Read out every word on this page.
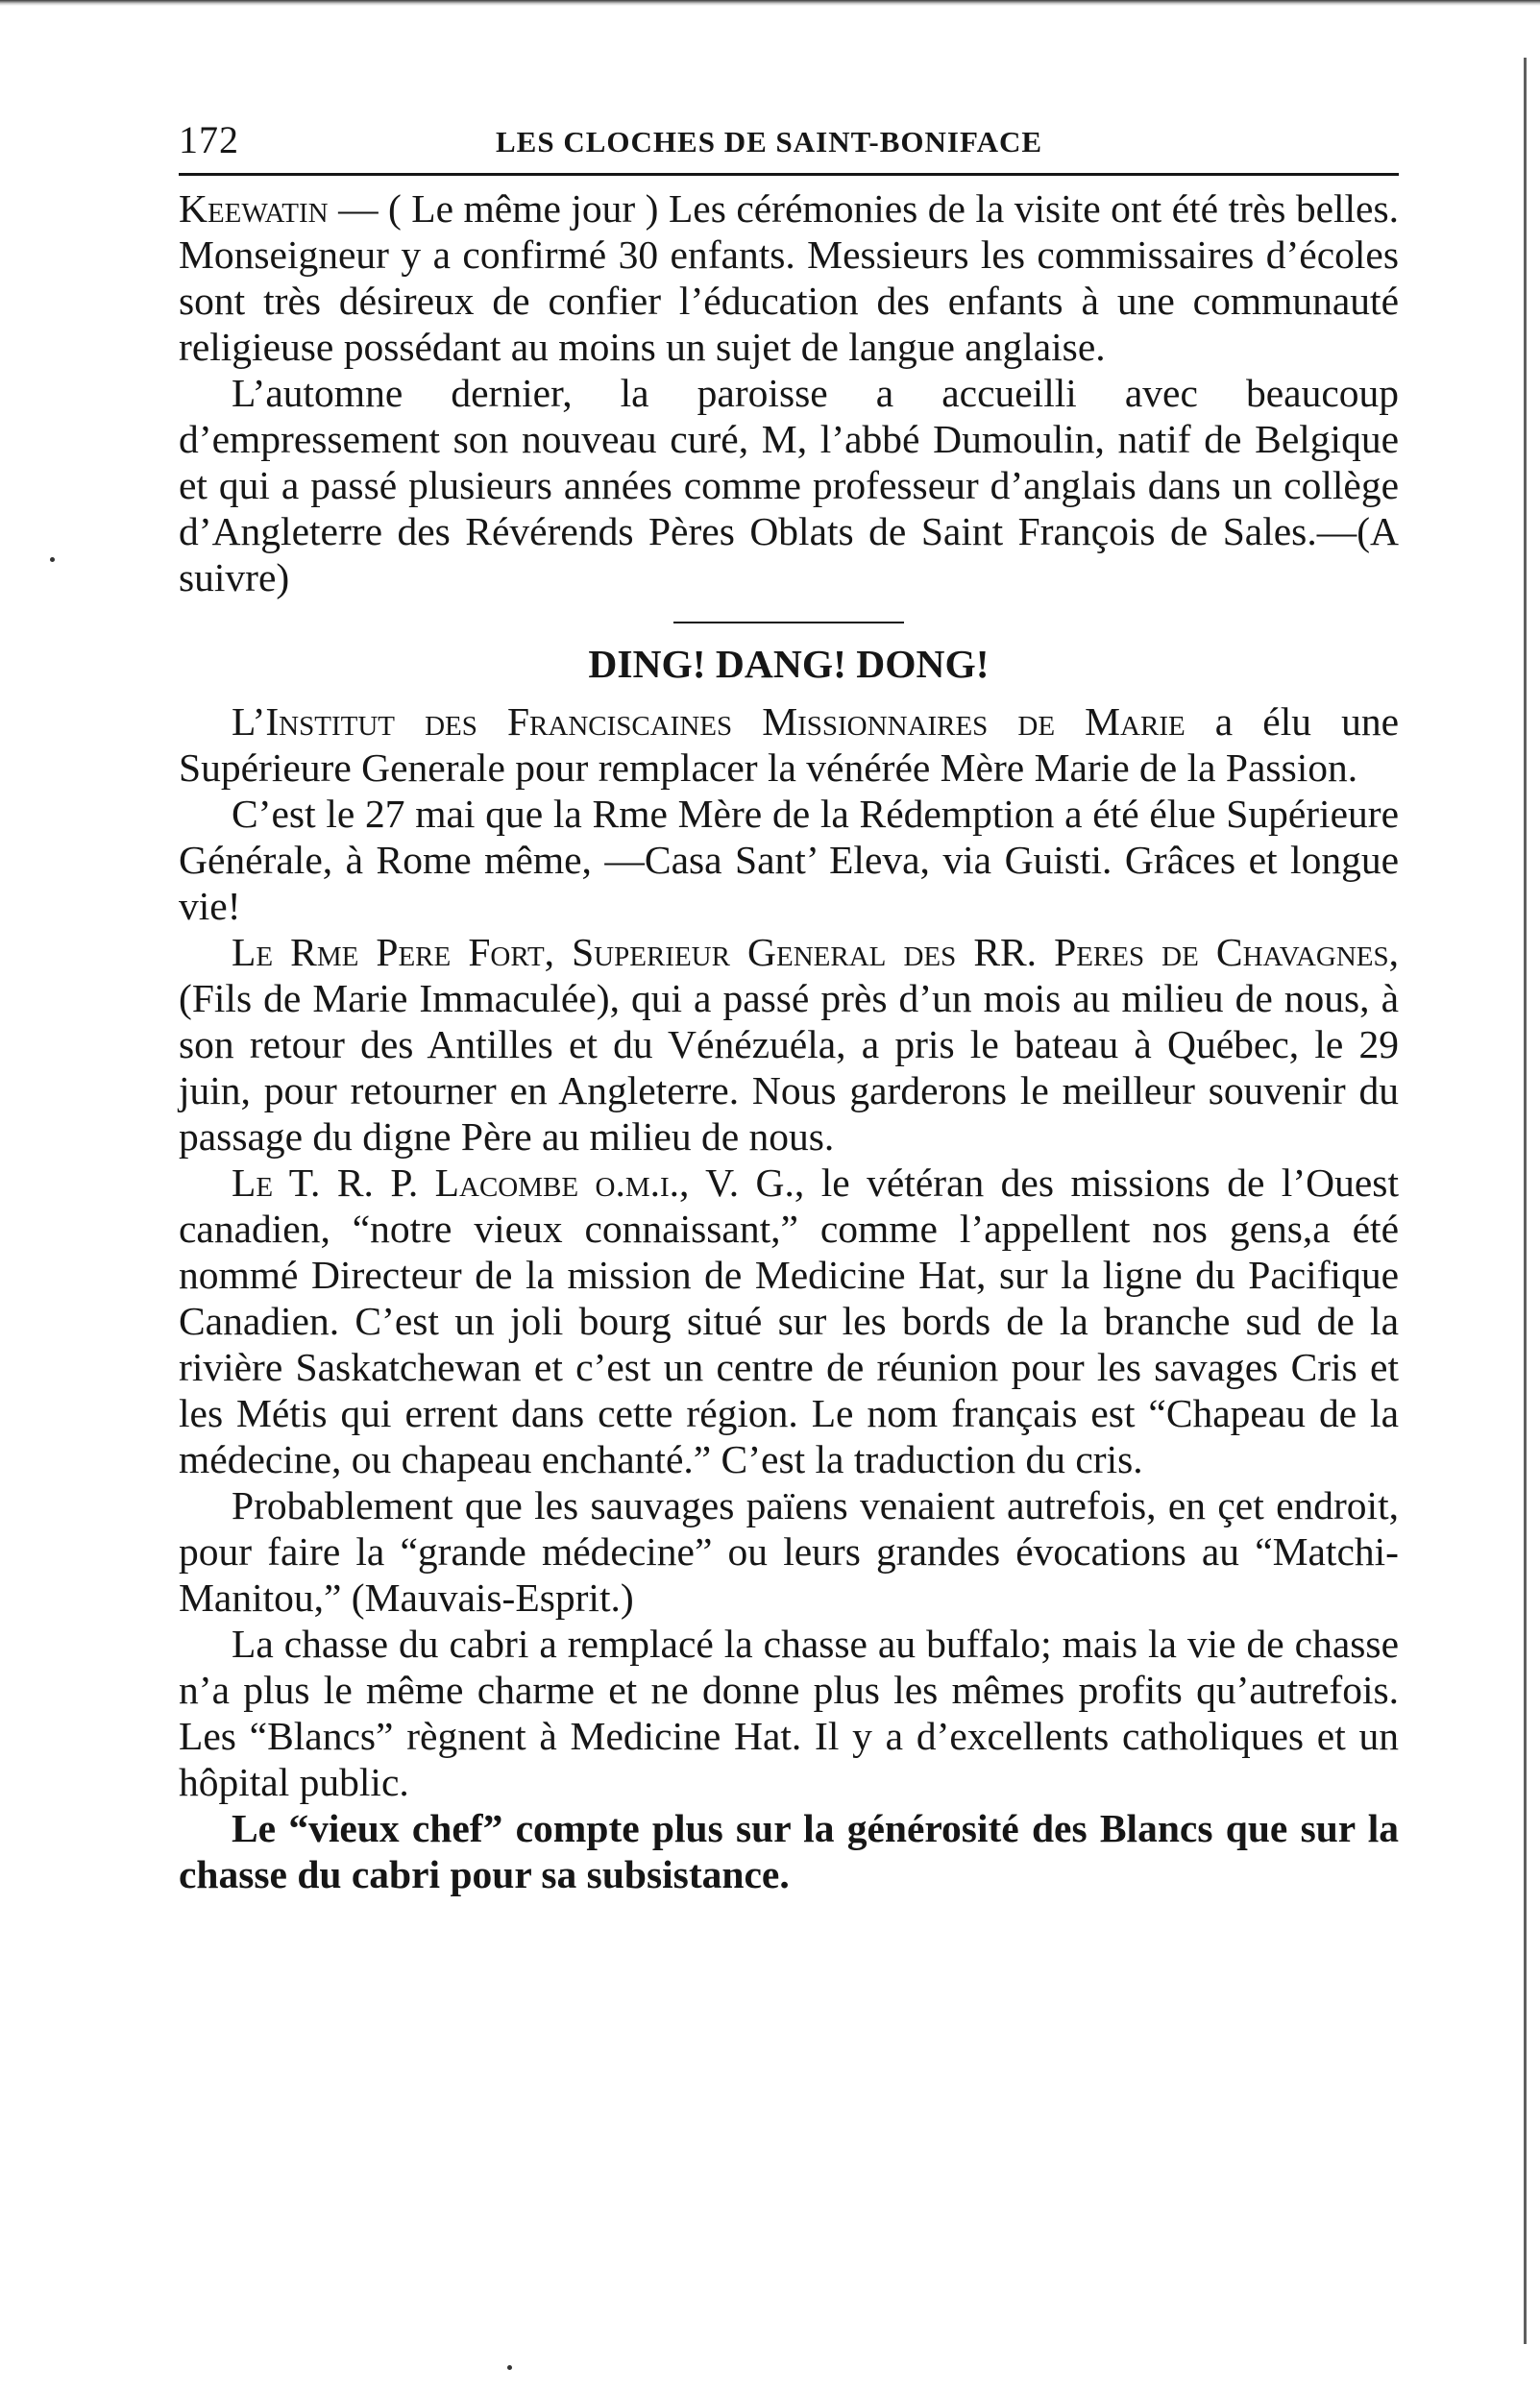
172	LES CLOCHES DE SAINT-BONIFACE

Keewatin — ( Le même jour ) Les cérémonies de la visite ont été très belles. Monseigneur y a confirmé 30 enfants. Messieurs les commissaires d’écoles sont très désireux de confier l’éducation des enfants à une communauté religieuse possédant au moins un sujet de langue anglaise.

L’automne dernier, la paroisse a accueilli avec beaucoup d’empressement son nouveau curé, M, l’abbé Dumoulin, natif de Belgique et qui a passé plusieurs années comme professeur d’anglais dans un collège d’Angleterre des Révérends Pères Oblats de Saint François de Sales.—(A suivre)

DING! DANG! DONG!

L’Institut des Franciscaines Missionnaires de Marie a élu une Supérieure Generale pour remplacer la vénérée Mère Marie de la Passion.

C’est le 27 mai que la Rme Mère de la Rédemption a été élue Supérieure Générale, à Rome même, —Casa Sant’ Eleva, via Guisti. Grâces et longue vie!

Le Rme Pere Fort, Superieur General des RR. Peres de Chavagnes, (Fils de Marie Immaculée), qui a passé près d’un mois au milieu de nous, à son retour des Antilles et du Vénézuéla, a pris le bateau à Québec, le 29 juin, pour retourner en Angleterre. Nous garderons le meilleur souvenir du passage du digne Père au milieu de nous.

Le T. R. P. Lacombe o.m.i., V. G., le vétéran des missions de l’Ouest canadien, “notre vieux connaissant,” comme l’appellent nos gens,a été nommé Directeur de la mission de Medicine Hat, sur la ligne du Pacifique Canadien. C’est un joli bourg situé sur les bords de la branche sud de la rivière Saskatchewan et c’est un centre de réunion pour les savages Cris et les Métis qui errent dans cette région. Le nom français est “Chapeau de la médecine, ou chapeau enchanté.” C’est la traduction du cris.

Probablement que les sauvages païens venaient autrefois, en çet endroit, pour faire la “grande médecine” ou leurs grandes évocations au “Matchi-Manitou,” (Mauvais-Esprit.)

La chasse du cabri a remplacé la chasse au buffalo; mais la vie de chasse n’a plus le même charme et ne donne plus les mêmes profits qu’autrefois. Les “Blancs” règnent à Medicine Hat. Il y a d’excellents catholiques et un hôpital public.

Le “vieux chef” compte plus sur la générosité des Blancs que sur la chasse du cabri pour sa subsistance.
